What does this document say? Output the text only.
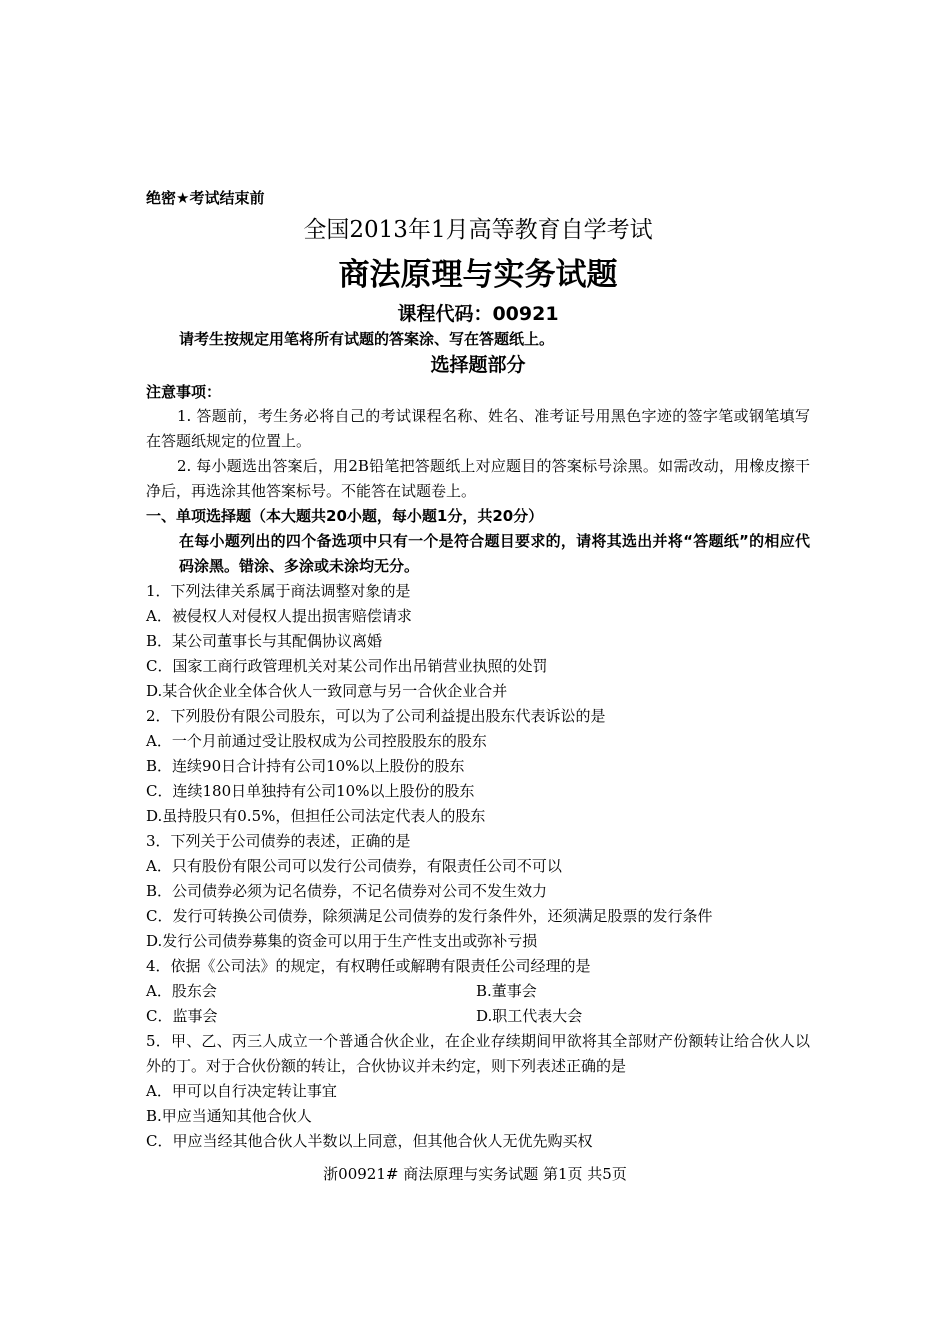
绝密★考试结束前
全国2013年1月高等教育自学考试
商法原理与实务试题
课程代码：00921
请考生按规定用笔将所有试题的答案涂、写在答题纸上。
选择题部分
注意事项：
1. 答题前，考生务必将自己的考试课程名称、姓名、准考证号用黑色字迹的签字笔或钢笔填写在答题纸规定的位置上。
2. 每小题选出答案后，用2B铅笔把答题纸上对应题目的答案标号涂黑。如需改动，用橡皮擦干净后，再选涂其他答案标号。不能答在试题卷上。
一、单项选择题（本大题共20小题，每小题1分，共20分）
在每小题列出的四个备选项中只有一个是符合题目要求的，请将其选出并将“答题纸”的相应代码涂黑。错涂、多涂或未涂均无分。
1．下列法律关系属于商法调整对象的是
A．被侵权人对侵权人提出损害赔偿请求
B．某公司董事长与其配偶协议离婚
C．国家工商行政管理机关对某公司作出吊销营业执照的处罚
D.某合伙企业全体合伙人一致同意与另一合伙企业合并
2．下列股份有限公司股东，可以为了公司利益提出股东代表诉讼的是
A．一个月前通过受让股权成为公司控股股东的股东
B．连续90日合计持有公司10%以上股份的股东
C．连续180日单独持有公司10%以上股份的股东
D.虽持股只有0.5%，但担任公司法定代表人的股东
3．下列关于公司债券的表述，正确的是
A．只有股份有限公司可以发行公司债券，有限责任公司不可以
B．公司债券必须为记名债券，不记名债券对公司不发生效力
C．发行可转换公司债券，除须满足公司债券的发行条件外，还须满足股票的发行条件
D.发行公司债券募集的资金可以用于生产性支出或弥补亏损
4．依据《公司法》的规定，有权聘任或解聘有限责任公司经理的是
A．股东会	B.董事会
C．监事会	D.职工代表大会
5．甲、乙、丙三人成立一个普通合伙企业，在企业存续期间甲欲将其全部财产份额转让给合伙人以外的丁。对于合伙份额的转让，合伙协议并未约定，则下列表述正确的是
A．甲可以自行决定转让事宜
B.甲应当通知其他合伙人
C．甲应当经其他合伙人半数以上同意，但其他合伙人无优先购买权
浙00921# 商法原理与实务试题 第1页 共5页
